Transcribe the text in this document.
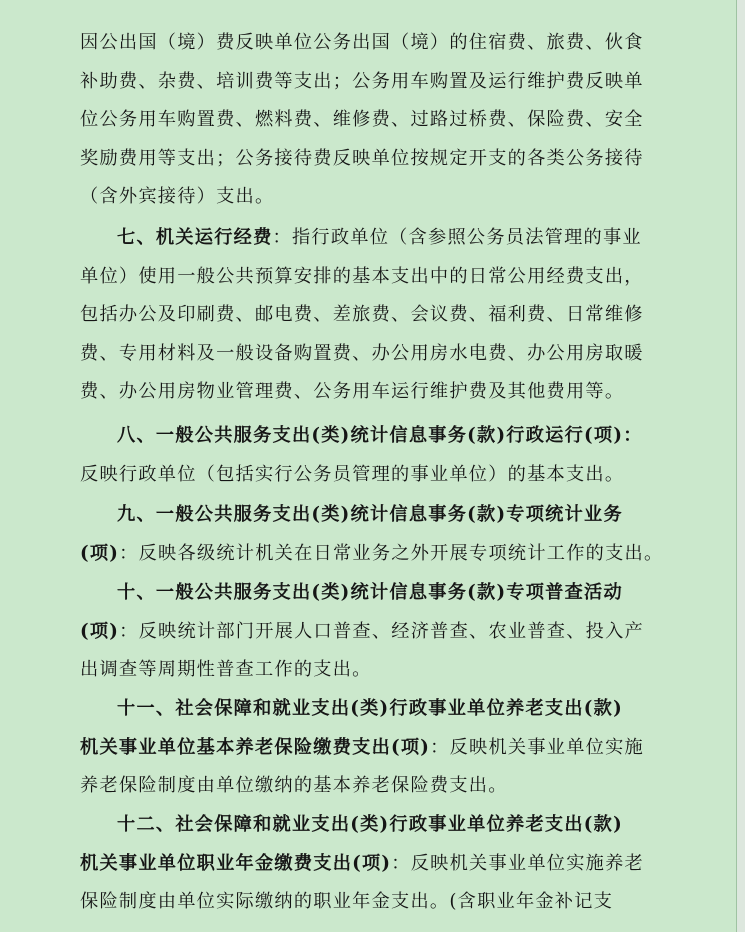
因公出国（境）费反映单位公务出国（境）的住宿费、旅费、伙食
补助费、杂费、培训费等支出；公务用车购置及运行维护费反映单
位公务用车购置费、燃料费、维修费、过路过桥费、保险费、安全
奖励费用等支出；公务接待费反映单位按规定开支的各类公务接待
（含外宾接待）支出。

七、机关运行经费：指行政单位（含参照公务员法管理的事业
单位）使用一般公共预算安排的基本支出中的日常公用经费支出，
包括办公及印刷费、邮电费、差旅费、会议费、福利费、日常维修
费、专用材料及一般设备购置费、办公用房水电费、办公用房取暖
费、办公用房物业管理费、公务用车运行维护费及其他费用等。

八、一般公共服务支出(类)统计信息事务(款)行政运行(项)：
反映行政单位（包括实行公务员管理的事业单位）的基本支出。

九、一般公共服务支出(类)统计信息事务(款)专项统计业务
(项)：反映各级统计机关在日常业务之外开展专项统计工作的支出。

十、一般公共服务支出(类)统计信息事务(款)专项普查活动
(项)：反映统计部门开展人口普查、经济普查、农业普查、投入产
出调查等周期性普查工作的支出。

十一、社会保障和就业支出(类)行政事业单位养老支出(款)
机关事业单位基本养老保险缴费支出(项)：反映机关事业单位实施
养老保险制度由单位缴纳的基本养老保险费支出。

十二、社会保障和就业支出(类)行政事业单位养老支出(款)
机关事业单位职业年金缴费支出(项)：反映机关事业单位实施养老
保险制度由单位实际缴纳的职业年金支出。(含职业年金补记支
